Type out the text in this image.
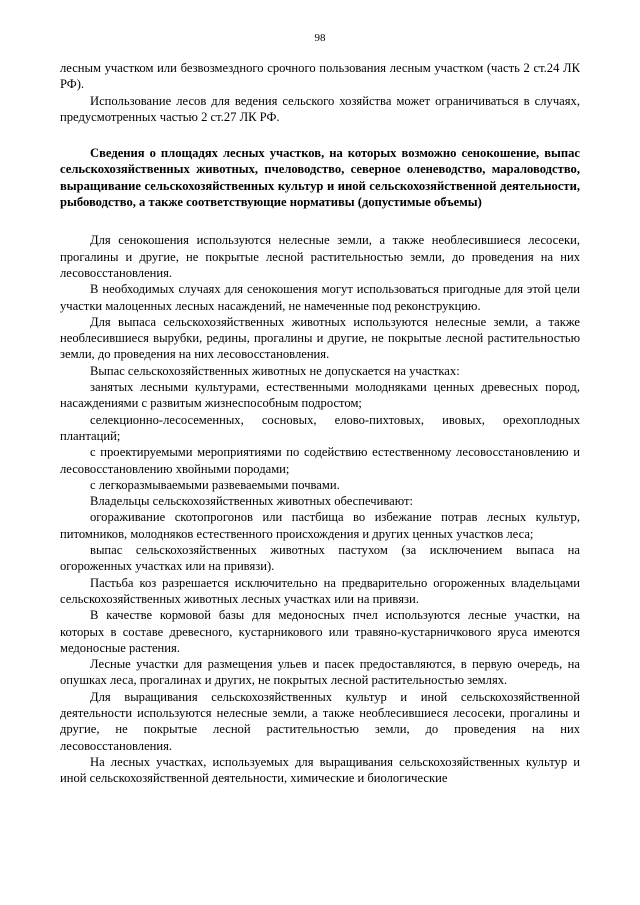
98

лесным участком или безвозмездного срочного пользования лесным участком (часть 2 ст.24 ЛК РФ).

Использование лесов для ведения сельского хозяйства может ограничиваться в случаях, предусмотренных частью 2 ст.27 ЛК РФ.

Сведения о площадях лесных участков, на которых возможно сенокошение, выпас сельскохозяйственных животных, пчеловодство, северное оленеводство, мараловодство, выращивание сельскохозяйственных культур и иной сельскохозяйственной деятельности, рыбоводство, а также соответствующие нормативы (допустимые объемы)

Для сенокошения используются нелесные земли, а также необлесившиеся лесосеки, прогалины и другие, не покрытые лесной растительностью земли, до проведения на них лесовосстановления.

В необходимых случаях для сенокошения могут использоваться пригодные для этой цели участки малоценных лесных насаждений, не намеченные под реконструкцию.

Для выпаса сельскохозяйственных животных используются нелесные земли, а также необлесившиеся вырубки, редины, прогалины и другие, не покрытые лесной растительностью земли, до проведения на них лесовосстановления.

Выпас сельскохозяйственных животных не допускается на участках:

занятых лесными культурами, естественными молодняками ценных древесных пород, насаждениями с развитым жизнеспособным подростом;

селекционно-лесосеменных, сосновых, елово-пихтовых, ивовых, орехоплодных плантаций;

с проектируемыми мероприятиями по содействию естественному лесовосстановлению и лесовосстановлению хвойными породами;

с легкоразмываемыми развеваемыми почвами.

Владельцы сельскохозяйственных животных обеспечивают:

огораживание скотопрогонов или пастбища во избежание потрав лесных культур, питомников, молодняков естественного происхождения и других ценных участков леса;

выпас сельскохозяйственных животных пастухом (за исключением выпаса на огороженных участках или на привязи).

Пастьба коз разрешается исключительно на предварительно огороженных владельцами сельскохозяйственных животных лесных участках или на привязи.

В качестве кормовой базы для медоносных пчел используются лесные участки, на которых в составе древесного, кустарникового или травяно-кустарничкового яруса имеются медоносные растения.

Лесные участки для размещения ульев и пасек предоставляются, в первую очередь, на опушках леса, прогалинах и других, не покрытых лесной растительностью землях.

Для выращивания сельскохозяйственных культур и иной сельскохозяйственной деятельности используются нелесные земли, а также необлесившиеся лесосеки, прогалины и другие, не покрытые лесной растительностью земли, до проведения на них лесовосстановления.

На лесных участках, используемых для выращивания сельскохозяйственных культур и иной сельскохозяйственной деятельности, химические и биологические
